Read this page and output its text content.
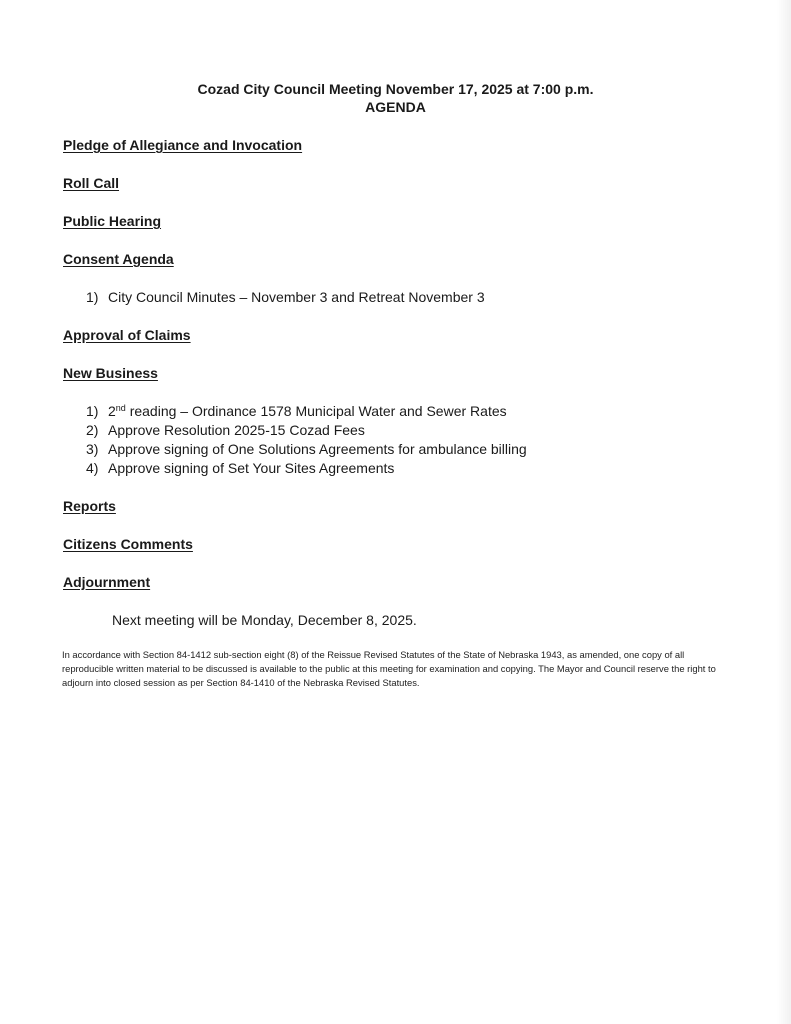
Cozad City Council Meeting November 17, 2025 at 7:00 p.m.
AGENDA
Pledge of Allegiance and Invocation
Roll Call
Public Hearing
Consent Agenda
1) City Council Minutes – November 3 and Retreat November 3
Approval of Claims
New Business
1) 2nd reading – Ordinance 1578 Municipal Water and Sewer Rates
2) Approve Resolution 2025-15 Cozad Fees
3) Approve signing of One Solutions Agreements for ambulance billing
4) Approve signing of Set Your Sites Agreements
Reports
Citizens Comments
Adjournment
Next meeting will be Monday, December 8, 2025.
In accordance with Section 84-1412 sub-section eight (8) of the Reissue Revised Statutes of the State of Nebraska 1943, as amended, one copy of all reproducible written material to be discussed is available to the public at this meeting for examination and copying. The Mayor and Council reserve the right to adjourn into closed session as per Section 84-1410 of the Nebraska Revised Statutes.
